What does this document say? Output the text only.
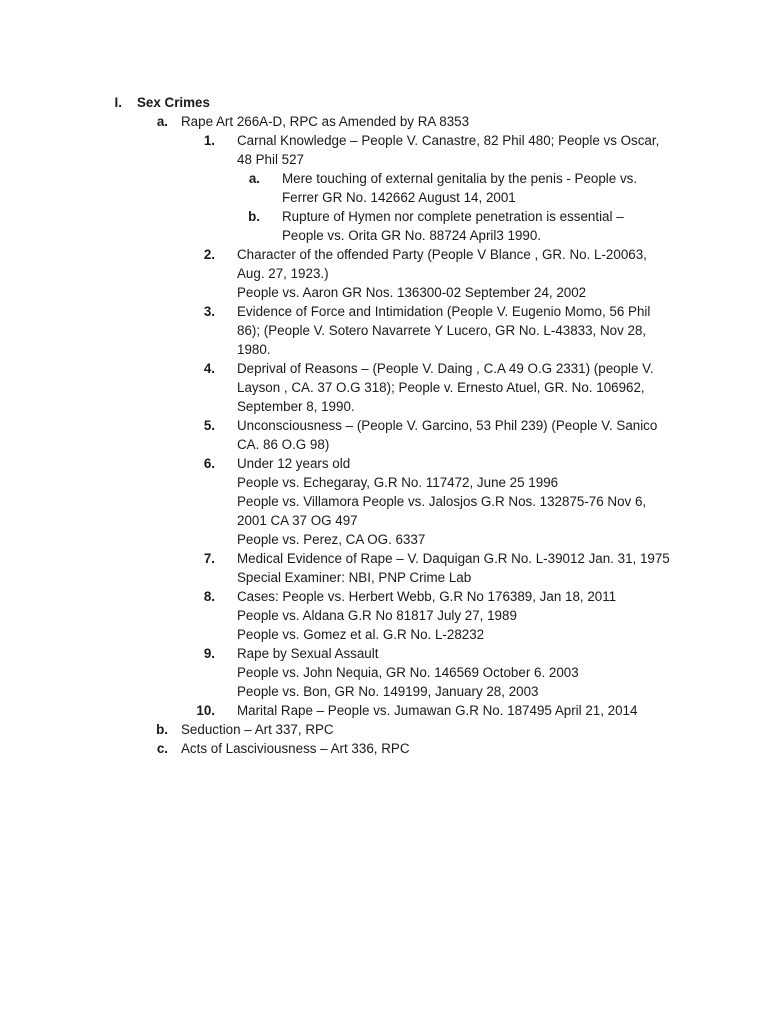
I. Sex Crimes
a. Rape Art 266A-D, RPC as Amended by RA 8353
1. Carnal Knowledge – People V. Canastre, 82 Phil 480; People vs Oscar,
48 Phil 527
a. Mere touching of external genitalia by the penis - People vs.
Ferrer GR No. 142662 August 14, 2001
b. Rupture of Hymen nor complete penetration is essential –
People vs. Orita GR No. 88724 April3 1990.
2. Character of the offended Party (People V Blance , GR. No. L-20063,
Aug. 27, 1923.)
People vs. Aaron GR Nos. 136300-02 September 24, 2002
3. Evidence of Force and Intimidation (People V. Eugenio Momo, 56 Phil
86); (People V. Sotero Navarrete Y Lucero, GR No. L-43833, Nov 28,
1980.
4. Deprival of Reasons – (People V. Daing , C.A 49 O.G 2331) (people V.
Layson , CA. 37 O.G 318); People v. Ernesto Atuel, GR. No. 106962,
September 8, 1990.
5. Unconsciousness – (People V. Garcino, 53 Phil 239) (People V. Sanico
CA. 86 O.G 98)
6. Under 12 years old
People vs. Echegaray, G.R No. 117472, June 25 1996
People vs. Villamora People vs. Jalosjos G.R Nos. 132875-76 Nov 6,
2001 CA 37 OG 497
People vs. Perez, CA OG. 6337
7. Medical Evidence of Rape – V. Daquigan G.R No. L-39012 Jan. 31, 1975
Special Examiner: NBI, PNP Crime Lab
8. Cases: People vs. Herbert Webb, G.R No 176389, Jan 18, 2011
People vs. Aldana G.R No 81817 July 27, 1989
People vs. Gomez et al. G.R No. L-28232
9. Rape by Sexual Assault
People vs. John Nequia, GR No. 146569 October 6. 2003
People vs. Bon, GR No. 149199, January 28, 2003
10. Marital Rape – People vs. Jumawan G.R No. 187495 April 21, 2014
b. Seduction – Art 337, RPC
c. Acts of Lasciviousness – Art 336, RPC
